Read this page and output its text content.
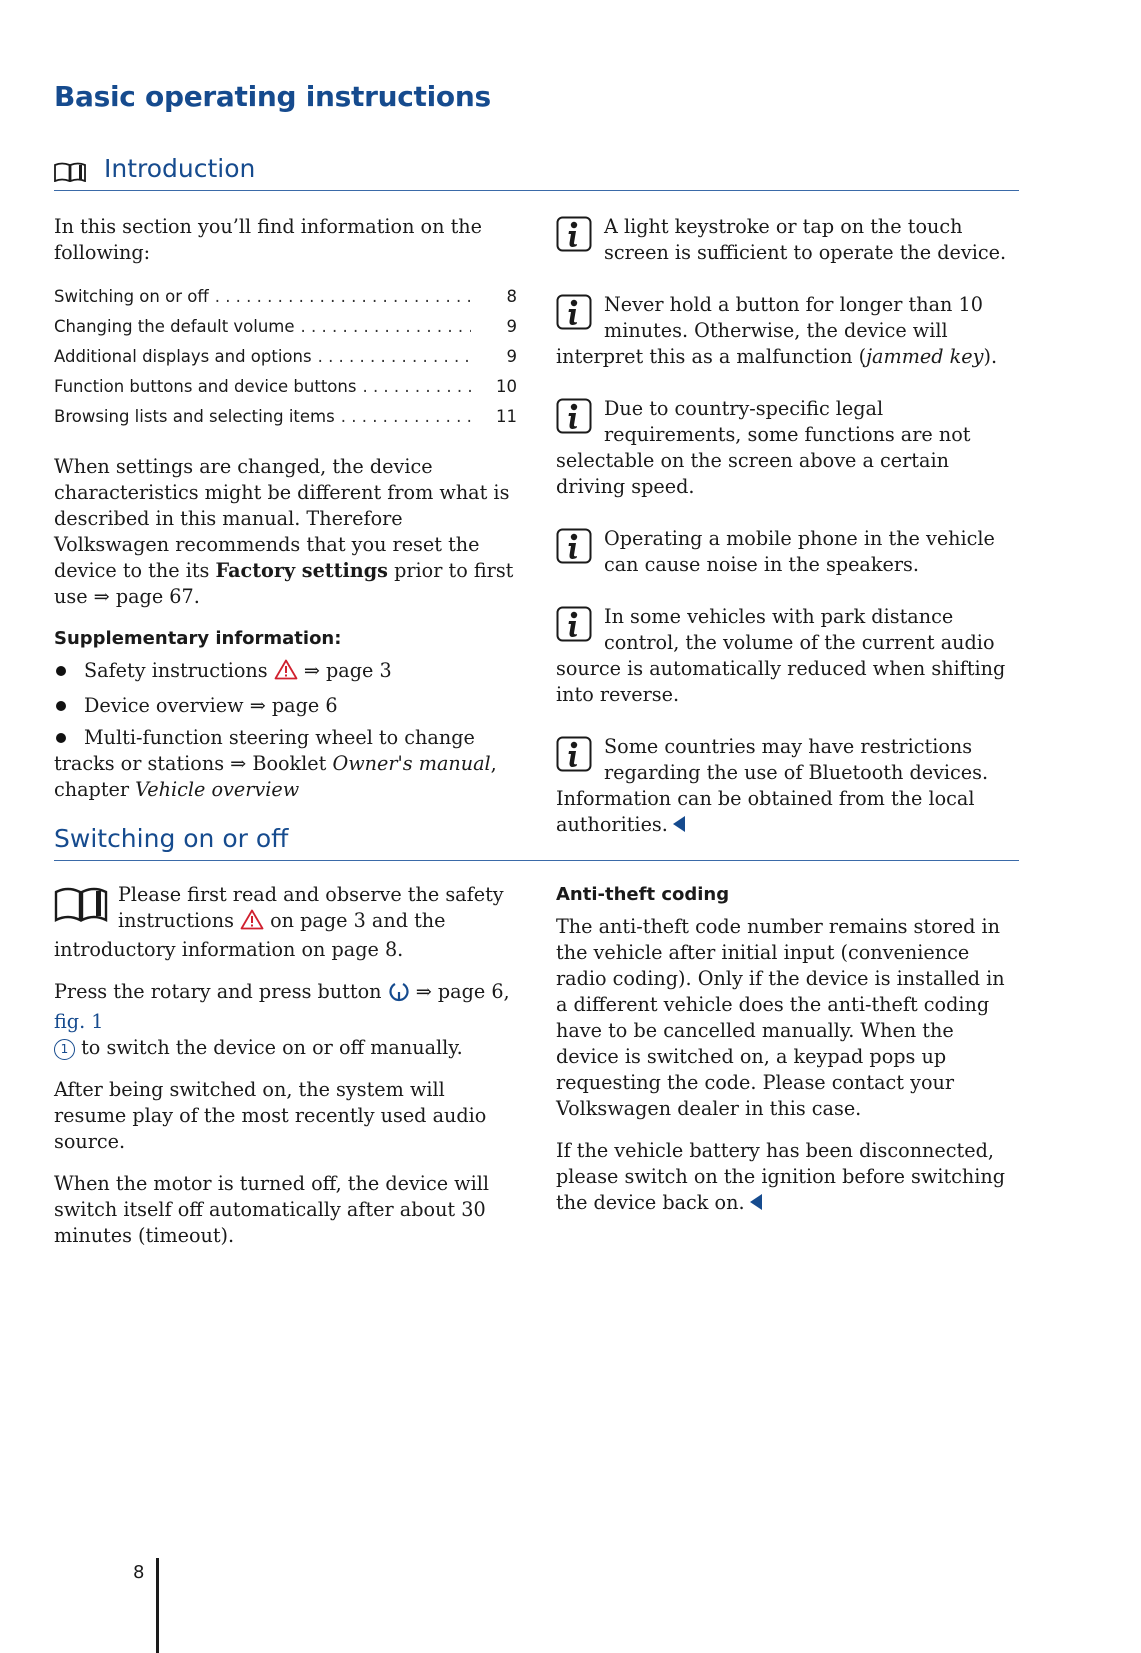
Basic operating instructions
Introduction

In this section you’ll find information on the following:

Switching on or off . . .	8
Changing the default volume . . .	9
Additional displays and options . . .	9
Function buttons and device buttons . . .	10
Browsing lists and selecting items . . .	11

When settings are changed, the device characteristics might be different from what is described in this manual. Therefore Volkswagen recommends that you reset the device to the its Factory settings prior to first use ⇒ page 67.

Supplementary information:
Safety instructions  ⇒ page 3
Device overview ⇒ page 6
Multi-function steering wheel to change tracks or stations ⇒ Booklet Owner's manual, chapter Vehicle overview
A light keystroke or tap on the touch screen is sufficient to operate the device.
Never hold a button for longer than 10 minutes. Otherwise, the device will interpret this as a malfunction (jammed key).
Due to country-specific legal requirements, some functions are not selectable on the screen above a certain driving speed.
Operating a mobile phone in the vehicle can cause noise in the speakers.
In some vehicles with park distance control, the volume of the current audio source is automatically reduced when shifting into reverse.
Some countries may have restrictions regarding the use of Bluetooth devices. Information can be obtained from the local authorities.
Switching on or off
Please first read and observe the safety instructions  on page 3 and the introductory information on page 8.

Press the rotary and press button  ⇒ page 6, fig. 1
1 to switch the device on or off manually.

After being switched on, the system will resume play of the most recently used audio source.

When the motor is turned off, the device will switch itself off automatically after about 30 minutes (timeout).

Anti-theft coding

The anti-theft code number remains stored in the vehicle after initial input (convenience radio coding). Only if the device is installed in a different vehicle does the anti-theft coding have to be cancelled manually. When the device is switched on, a keypad pops up requesting the code. Please contact your Volkswagen dealer in this case.

If the vehicle battery has been disconnected, please switch on the ignition before switching the device back on.

8
